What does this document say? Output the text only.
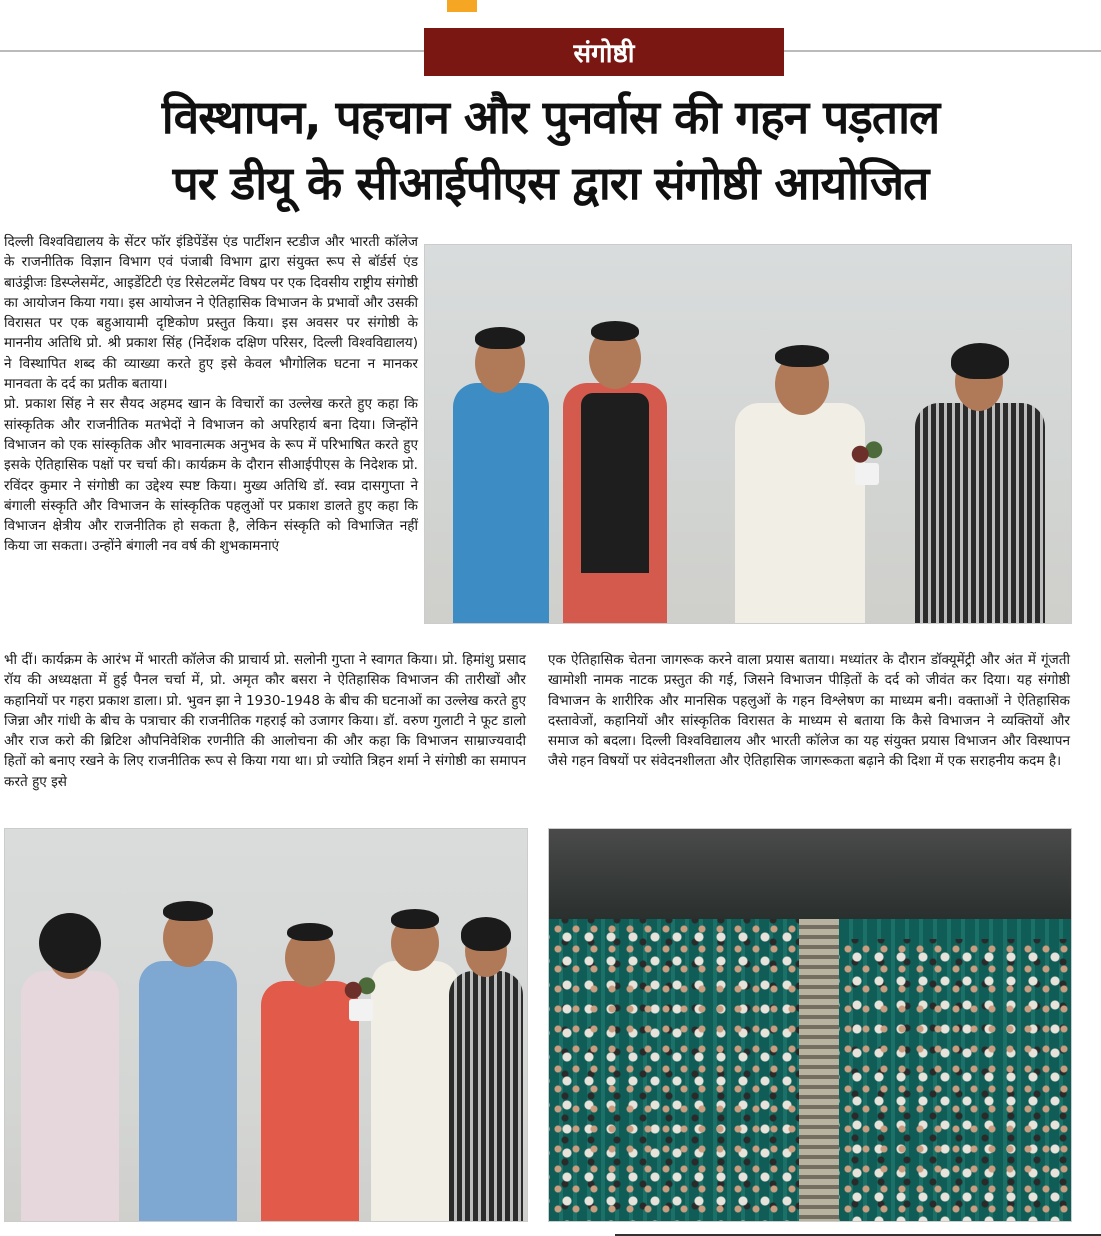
संगोष्ठी
विस्थापन, पहचान और पुनर्वास की गहन पड़ताल
पर डीयू के सीआईपीएस द्वारा संगोष्ठी आयोजित

दिल्ली विश्वविद्यालय के सेंटर फॉर इंडिपेंडेंस एंड पार्टीशन स्टडीज और भारती कॉलेज के राजनीतिक विज्ञान विभाग एवं पंजाबी विभाग द्वारा संयुक्त रूप से बॉर्डर्स एंड बाउंड्रीजः डिस्प्लेसमेंट, आइडेंटिटी एंड रिसेटलमेंट विषय पर एक दिवसीय राष्ट्रीय संगोष्ठी का आयोजन किया गया। इस आयोजन ने ऐतिहासिक विभाजन के प्रभावों और उसकी विरासत पर एक बहुआयामी दृष्टिकोण प्रस्तुत किया। इस अवसर पर संगोष्ठी के माननीय अतिथि प्रो. श्री प्रकाश सिंह (निर्देशक दक्षिण परिसर, दिल्ली विश्वविद्यालय) ने विस्थापित शब्द की व्याख्या करते हुए इसे केवल भौगोलिक घटना न मानकर मानवता के दर्द का प्रतीक बताया।

प्रो. प्रकाश सिंह ने सर सैयद अहमद खान के विचारों का उल्लेख करते हुए कहा कि सांस्कृतिक और राजनीतिक मतभेदों ने विभाजन को अपरिहार्य बना दिया। जिन्होंने विभाजन को एक सांस्कृतिक और भावनात्मक अनुभव के रूप में परिभाषित करते हुए इसके ऐतिहासिक पक्षों पर चर्चा की। कार्यक्रम के दौरान सीआईपीएस के निदेशक प्रो. रविंदर कुमार ने संगोष्ठी का उद्देश्य स्पष्ट किया। मुख्य अतिथि डॉ. स्वप्न दासगुप्ता ने बंगाली संस्कृति और विभाजन के सांस्कृतिक पहलुओं पर प्रकाश डालते हुए कहा कि विभाजन क्षेत्रीय और राजनीतिक हो सकता है, लेकिन संस्कृति को विभाजित नहीं किया जा सकता। उन्होंने बंगाली नव वर्ष की शुभकामनाएं

भी दीं। कार्यक्रम के आरंभ में भारती कॉलेज की प्राचार्य प्रो. सलोनी गुप्ता ने स्वागत किया। प्रो. हिमांशु प्रसाद रॉय की अध्यक्षता में हुई पैनल चर्चा में, प्रो. अमृत कौर बसरा ने ऐतिहासिक विभाजन की तारीखों और कहानियों पर गहरा प्रकाश डाला। प्रो. भुवन झा ने 1930-1948 के बीच की घटनाओं का उल्लेख करते हुए जिन्ना और गांधी के बीच के पत्राचार की राजनीतिक गहराई को उजागर किया। डॉ. वरुण गुलाटी ने फूट डालो और राज करो की ब्रिटिश औपनिवेशिक रणनीति की आलोचना की और कहा कि विभाजन साम्राज्यवादी हितों को बनाए रखने के लिए राजनीतिक रूप से किया गया था। प्रो ज्योति त्रिहन शर्मा ने संगोष्ठी का समापन करते हुए इसे

एक ऐतिहासिक चेतना जागरूक करने वाला प्रयास बताया। मध्यांतर के दौरान डॉक्यूमेंट्री और अंत में गूंजती खामोशी नामक नाटक प्रस्तुत की गई, जिसने विभाजन पीड़ितों के दर्द को जीवंत कर दिया। यह संगोष्ठी विभाजन के शारीरिक और मानसिक पहलुओं के गहन विश्लेषण का माध्यम बनी। वक्ताओं ने ऐतिहासिक दस्तावेजों, कहानियों और सांस्कृतिक विरासत के माध्यम से बताया कि कैसे विभाजन ने व्यक्तियों और समाज को बदला। दिल्ली विश्वविद्यालय और भारती कॉलेज का यह संयुक्त प्रयास विभाजन और विस्थापन जैसे गहन विषयों पर संवेदनशीलता और ऐतिहासिक जागरूकता बढ़ाने की दिशा में एक सराहनीय कदम है।
